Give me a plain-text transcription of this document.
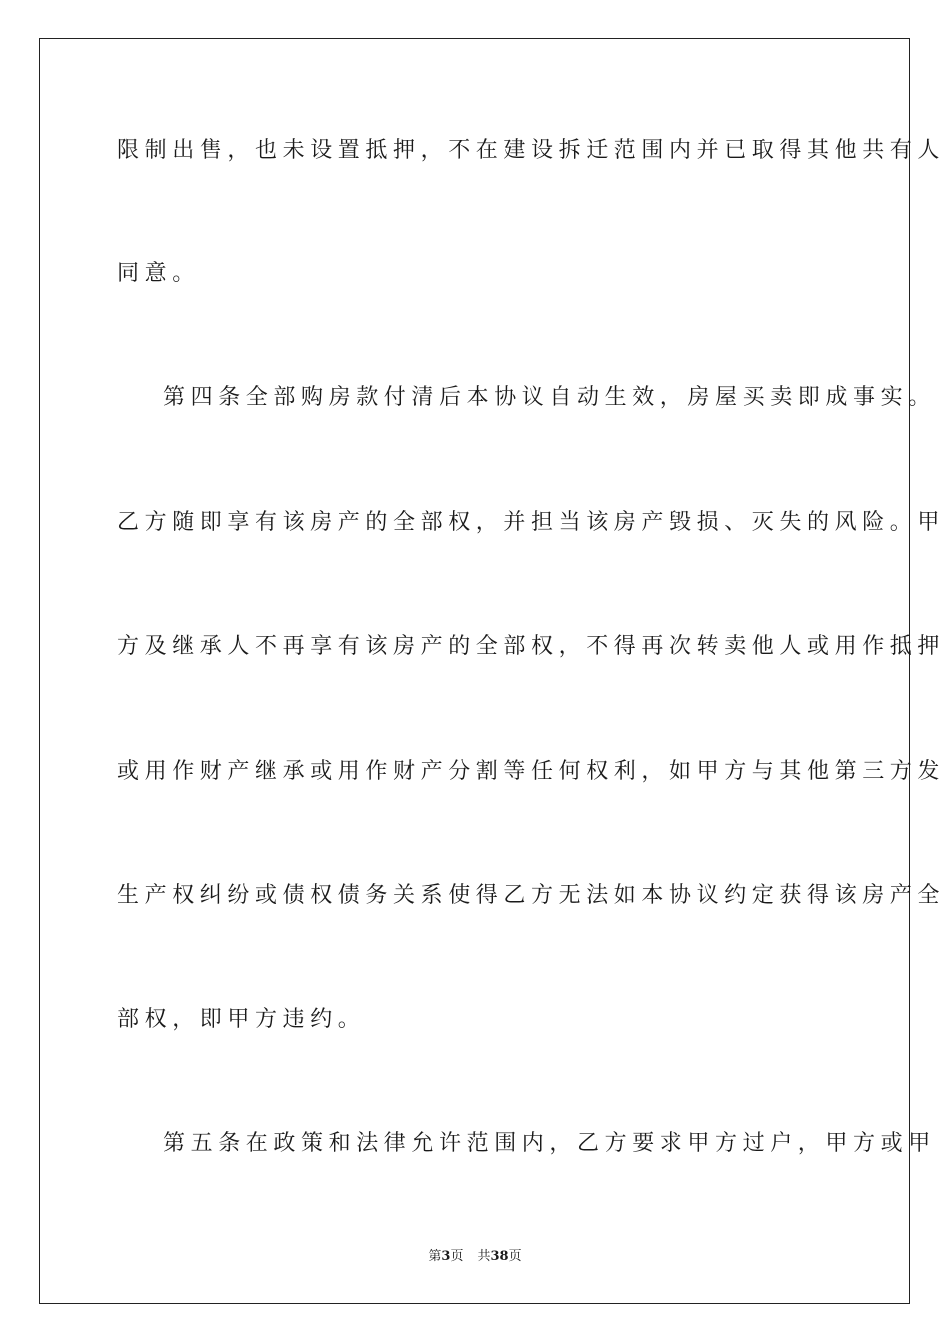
限制出售，也未设置抵押，不在建设拆迁范围内并已取得其他共有人
同意。
第四条全部购房款付清后本协议自动生效，房屋买卖即成事实。
乙方随即享有该房产的全部权，并担当该房产毁损、灭失的风险。甲
方及继承人不再享有该房产的全部权，不得再次转卖他人或用作抵押
或用作财产继承或用作财产分割等任何权利，如甲方与其他第三方发
生产权纠纷或债权债务关系使得乙方无法如本协议约定获得该房产全
部权，即甲方违约。
第五条在政策和法律允许范围内，乙方要求甲方过户，甲方或甲
第3页 共38页
